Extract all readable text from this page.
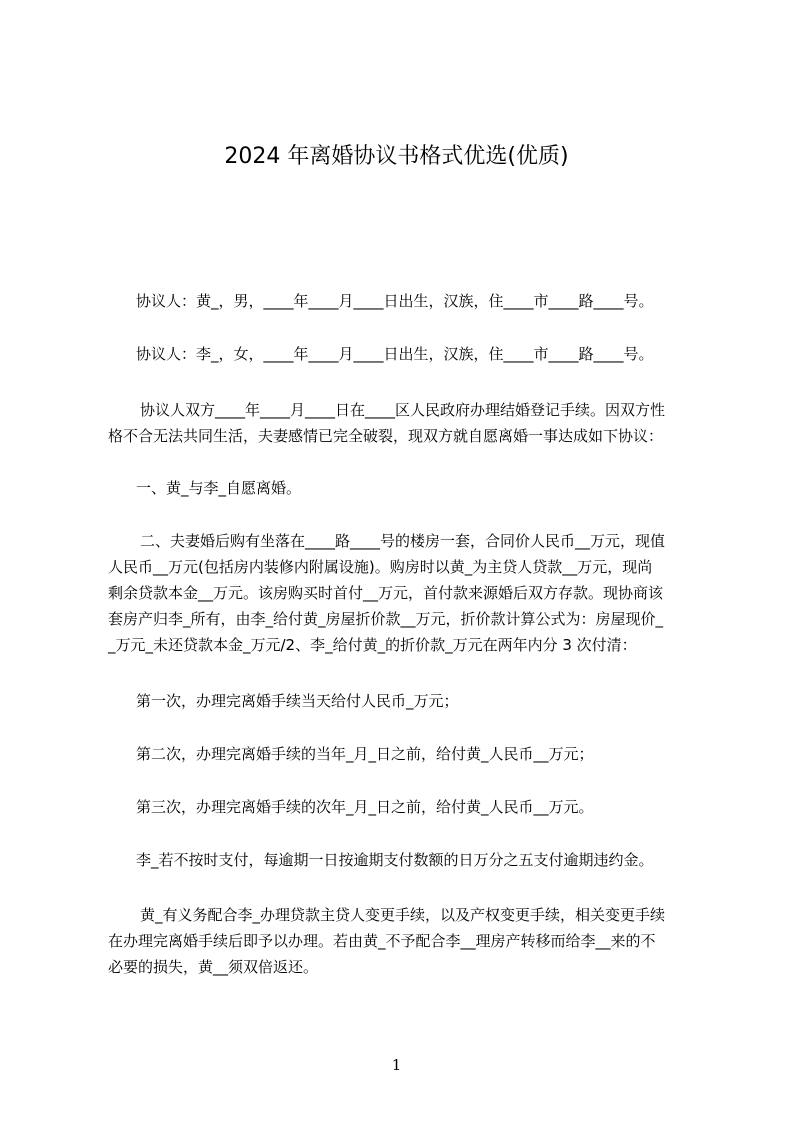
2024 年离婚协议书格式优选(优质)
协议人：黄_，男，____年____月____日出生，汉族，住____市____路____号。
协议人：李_，女，____年____月____日出生，汉族，住____市____路____号。
协议人双方____年____月____日在____区人民政府办理结婚登记手续。因双方性
格不合无法共同生活，夫妻感情已完全破裂，现双方就自愿离婚一事达成如下协议：
一、黄_与李_自愿离婚。
二、夫妻婚后购有坐落在____路____号的楼房一套，合同价人民币__万元，现值
人民币__万元(包括房内装修内附属设施)。购房时以黄_为主贷人贷款__万元，现尚
剩余贷款本金__万元。该房购买时首付__万元，首付款来源婚后双方存款。现协商该
套房产归李_所有，由李_给付黄_房屋折价款__万元，折价款计算公式为：房屋现价_
_万元_未还贷款本金_万元/2、李_给付黄_的折价款_万元在两年内分 3 次付清：
第一次，办理完离婚手续当天给付人民币_万元；
第二次，办理完离婚手续的当年_月_日之前，给付黄_人民币__万元；
第三次，办理完离婚手续的次年_月_日之前，给付黄_人民币__万元。
李_若不按时支付，每逾期一日按逾期支付数额的日万分之五支付逾期违约金。
黄_有义务配合李_办理贷款主贷人变更手续，以及产权变更手续，相关变更手续
在办理完离婚手续后即予以办理。若由黄_不予配合李__理房产转移而给李__来的不
必要的损失，黄__须双倍返还。
1
